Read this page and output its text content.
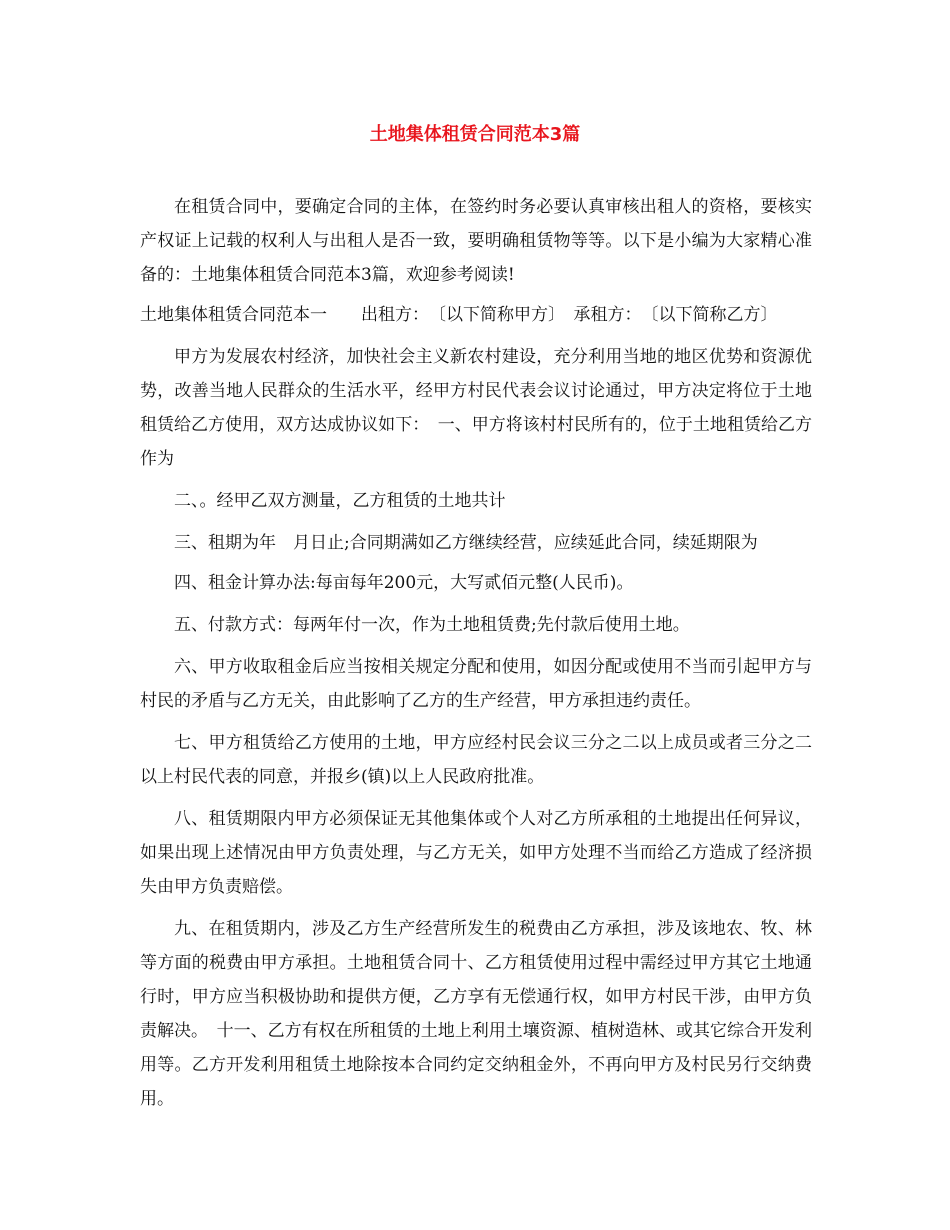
土地集体租赁合同范本3篇

在租赁合同中，要确定合同的主体，在签约时务必要认真审核出租人的资格，要核实产权证上记载的权利人与出租人是否一致，要明确租赁物等等。以下是小编为大家精心准备的：土地集体租赁合同范本3篇，欢迎参考阅读!

土地集体租赁合同范本一　　出租方：　〔以下简称甲方〕　承租方：　〔以下简称乙方〕

甲方为发展农村经济，加快社会主义新农村建设，充分利用当地的地区优势和资源优势，改善当地人民群众的生活水平，经甲方村民代表会议讨论通过，甲方决定将位于土地租赁给乙方使用，双方达成协议如下：　一、甲方将该村村民所有的，位于土地租赁给乙方作为

二、。经甲乙双方测量，乙方租赁的土地共计

三、租期为年　月日止;合同期满如乙方继续经营，应续延此合同，续延期限为

四、租金计算办法:每亩每年200元，大写贰佰元整(人民币)。

五、付款方式：每两年付一次，作为土地租赁费;先付款后使用土地。

六、甲方收取租金后应当按相关规定分配和使用，如因分配或使用不当而引起甲方与村民的矛盾与乙方无关，由此影响了乙方的生产经营，甲方承担违约责任。

七、甲方租赁给乙方使用的土地，甲方应经村民会议三分之二以上成员或者三分之二以上村民代表的同意，并报乡(镇)以上人民政府批准。

八、租赁期限内甲方必须保证无其他集体或个人对乙方所承租的土地提出任何异议，如果出现上述情况由甲方负责处理，与乙方无关，如甲方处理不当而给乙方造成了经济损失由甲方负责赔偿。

九、在租赁期内，涉及乙方生产经营所发生的税费由乙方承担，涉及该地农、牧、林等方面的税费由甲方承担。土地租赁合同十、乙方租赁使用过程中需经过甲方其它土地通行时，甲方应当积极协助和提供方便，乙方享有无偿通行权，如甲方村民干涉，由甲方负责解决。　十一、乙方有权在所租赁的土地上利用土壤资源、植树造林、或其它综合开发利用等。乙方开发利用租赁土地除按本合同约定交纳租金外，不再向甲方及村民另行交纳费用。
